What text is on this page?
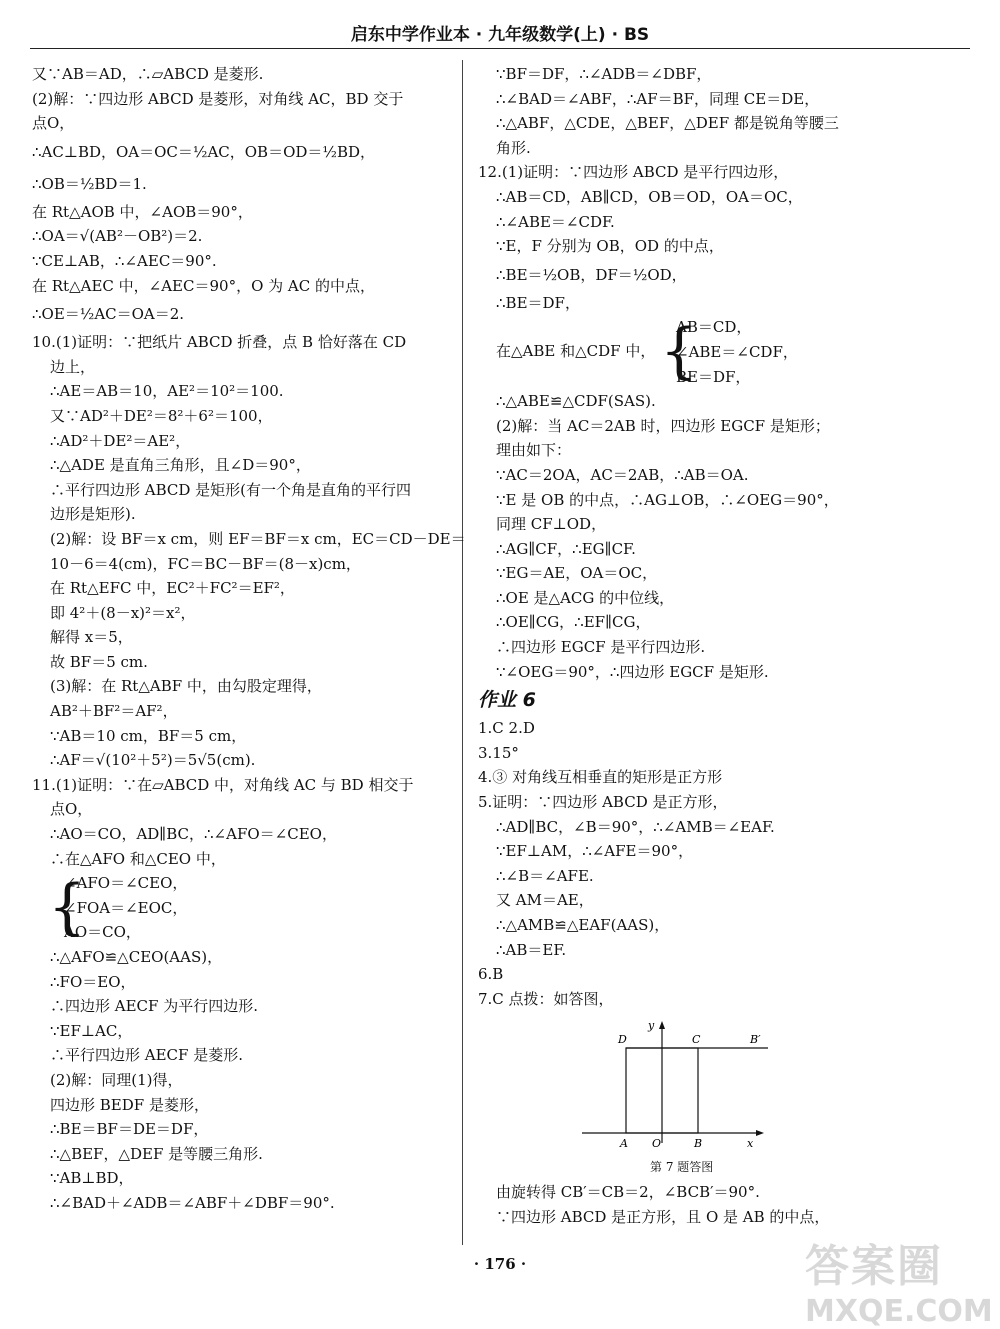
启东中学作业本 · 九年级数学(上) · BS
又∵AB＝AD，∴▱ABCD 是菱形.
(2)解：∵四边形 ABCD 是菱形，对角线 AC，BD 交于
点O，
∴AC⊥BD，OA＝OC＝½AC，OB＝OD＝½BD，
∴OB＝½BD＝1.
在 Rt△AOB 中，∠AOB＝90°，
∴OA＝√(AB²－OB²)＝2.
∵CE⊥AB，∴∠AEC＝90°.
在 Rt△AEC 中，∠AEC＝90°，O 为 AC 的中点，
∴OE＝½AC＝OA＝2.
10.(1)证明：∵把纸片 ABCD 折叠，点 B 恰好落在 CD
边上，
∴AE＝AB＝10，AE²＝10²＝100.
又∵AD²＋DE²＝8²＋6²＝100，
∴AD²＋DE²＝AE²，
∴△ADE 是直角三角形，且∠D＝90°，
∴平行四边形 ABCD 是矩形(有一个角是直角的平行四
边形是矩形).
(2)解：设 BF＝x cm，则 EF＝BF＝x cm，EC＝CD－DE＝
10－6＝4(cm)，FC＝BC－BF＝(8－x)cm，
在 Rt△EFC 中，EC²＋FC²＝EF²，
即 4²＋(8－x)²＝x²，
解得 x＝5，
故 BF＝5 cm.
(3)解：在 Rt△ABF 中，由勾股定理得，
AB²＋BF²＝AF²，
∵AB＝10 cm，BF＝5 cm，
∴AF＝√(10²＋5²)＝5√5(cm).
11.(1)证明：∵在▱ABCD 中，对角线 AC 与 BD 相交于
点O，
∴AO＝CO，AD∥BC，∴∠AFO＝∠CEO，
∴在△AFO 和△CEO 中，
{
∠AFO＝∠CEO，
∠FOA＝∠EOC，
AO＝CO，
∴△AFO≌△CEO(AAS)，
∴FO＝EO，
∴四边形 AECF 为平行四边形.
∵EF⊥AC，
∴平行四边形 AECF 是菱形.
(2)解：同理(1)得，
四边形 BEDF 是菱形，
∴BE＝BF＝DE＝DF，
∴△BEF，△DEF 是等腰三角形.
∵AB⊥BD，
∴∠BAD＋∠ADB＝∠ABF＋∠DBF＝90°.
∵BF＝DF，∴∠ADB＝∠DBF，
∴∠BAD＝∠ABF，∴AF＝BF，同理 CE＝DE，
∴△ABF，△CDE，△BEF，△DEF 都是锐角等腰三
角形.
12.(1)证明：∵四边形 ABCD 是平行四边形，
∴AB＝CD，AB∥CD，OB＝OD，OA＝OC，
∴∠ABE＝∠CDF.
∵E，F 分别为 OB，OD 的中点，
∴BE＝½OB，DF＝½OD，
∴BE＝DF，
AB＝CD，
在△ABE 和△CDF 中， {
∠ABE＝∠CDF，
BE＝DF，
∴△ABE≌△CDF(SAS).
(2)解：当 AC＝2AB 时，四边形 EGCF 是矩形；
理由如下：
∵AC＝2OA，AC＝2AB，∴AB＝OA.
∵E 是 OB 的中点，∴AG⊥OB，∴∠OEG＝90°，
同理 CF⊥OD，
∴AG∥CF，∴EG∥CF.
∵EG＝AE，OA＝OC，
∴OE 是△ACG 的中位线，
∴OE∥CG，∴EF∥CG，
∴四边形 EGCF 是平行四边形.
∵∠OEG＝90°，∴四边形 EGCF 是矩形.
作业 6
1.C 2.D
3.15°
4.③ 对角线互相垂直的矩形是正方形
5.证明：∵四边形 ABCD 是正方形，
∴AD∥BC，∠B＝90°，∴∠AMB＝∠EAF.
∵EF⊥AM，∴∠AFE＝90°，
∴∠B＝∠AFE.
又 AM＝AE，
∴△AMB≌△EAF(AAS)，
∴AB＝EF.
6.B
7.C 点拨：如答图，
由旋转得 CB′＝CB＝2，∠BCB′＝90°.
∵四边形 ABCD 是正方形，且 O 是 AB 的中点，
D	C	B′
A O	B	x
y
第 7 题答图
· 176 ·	答案圈
MXQE.COM
